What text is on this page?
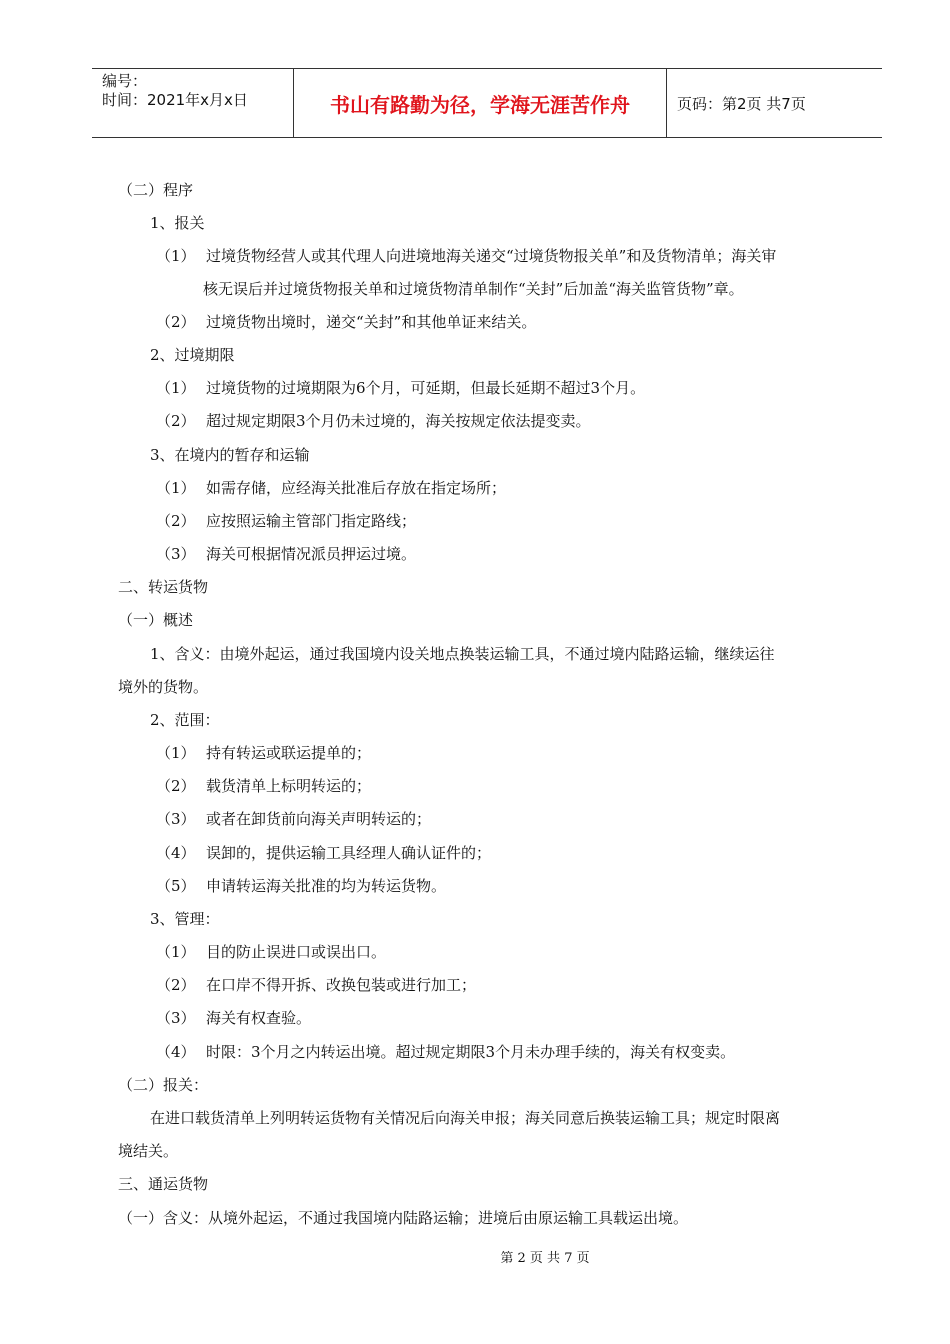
编号：
时间：2021年x月x日	书山有路勤为径，学海无涯苦作舟	页码：第2页 共7页
（二）程序
1、报关
（1） 过境货物经营人或其代理人向进境地海关递交“过境货物报关单”和及货物清单；海关审
核无误后并过境货物报关单和过境货物清单制作“关封”后加盖“海关监管货物”章。
（2） 过境货物出境时，递交“关封”和其他单证来结关。
2、过境期限
（1） 过境货物的过境期限为6个月，可延期，但最长延期不超过3个月。
（2） 超过规定期限3个月仍未过境的，海关按规定依法提变卖。
3、在境内的暂存和运输
（1） 如需存储，应经海关批准后存放在指定场所；
（2） 应按照运输主管部门指定路线；
（3） 海关可根据情况派员押运过境。
二、转运货物
（一）概述
1、含义：由境外起运，通过我国境内设关地点换装运输工具，不通过境内陆路运输，继续运往
境外的货物。
2、范围：
（1） 持有转运或联运提单的；
（2） 载货清单上标明转运的；
（3） 或者在卸货前向海关声明转运的；
（4） 误卸的，提供运输工具经理人确认证件的；
（5） 申请转运海关批准的均为转运货物。
3、管理：
（1） 目的防止误进口或误出口。
（2） 在口岸不得开拆、改换包装或进行加工；
（3） 海关有权查验。
（4） 时限：3个月之内转运出境。超过规定期限3个月未办理手续的，海关有权变卖。
（二）报关：
在进口载货清单上列明转运货物有关情况后向海关申报；海关同意后换装运输工具；规定时限离
境结关。
三、通运货物
（一）含义：从境外起运，不通过我国境内陆路运输；进境后由原运输工具载运出境。
第 2 页 共 7 页
